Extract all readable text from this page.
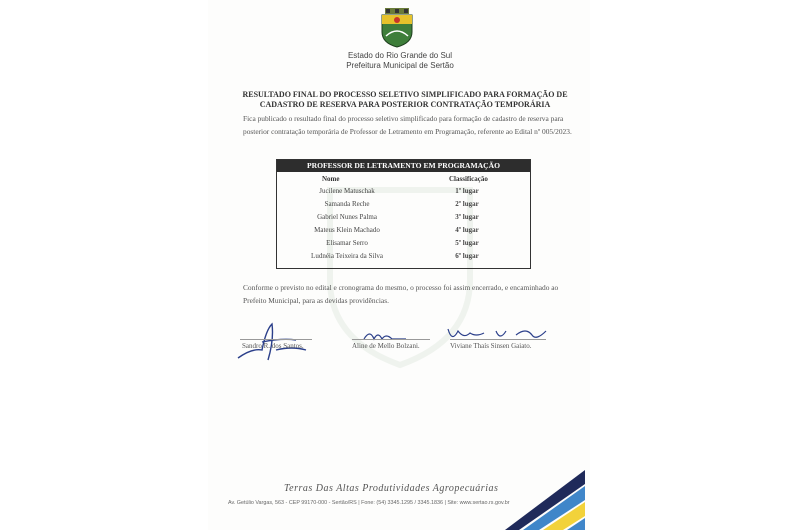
Estado do Rio Grande do Sul
Prefeitura Municipal de Sertão
RESULTADO FINAL DO PROCESSO SELETIVO SIMPLIFICADO PARA FORMAÇÃO DE CADASTRO DE RESERVA PARA POSTERIOR CONTRATAÇÃO TEMPORÁRIA
Fica publicado o resultado final do processo seletivo simplificado para formação de cadastro de reserva para posterior contratação temporária de Professor de Letramento em Programação, referente ao Edital nº 005/2023.
PROFESSOR DE LETRAMENTO EM PROGRAMAÇÃO
Nome	Classificação
Jucilene Matuschak	1º lugar
Samanda Reche	2º lugar
Gabriel Nunes Palma	3º lugar
Mateus Klein Machado	4º lugar
Elisamar Serro	5º lugar
Ludnéia Teixeira da Silva	6º lugar
Conforme o previsto no edital e cronograma do mesmo, o processo foi assim encerrado, e encaminhado ao Prefeito Municipal, para as devidas providências.
Sandro R. dos Santos.	Aline de Mello Bolzani.	Viviane Thaís Sinsen Gaiato.
Terras Das Altas Produtividades Agropecuárias
Av. Getúlio Vargas, 563 - CEP 99170-000 - Sertão/RS | Fone: (54) 3345.1295 / 3345.1836 | Site: www.sertao.rs.gov.br
